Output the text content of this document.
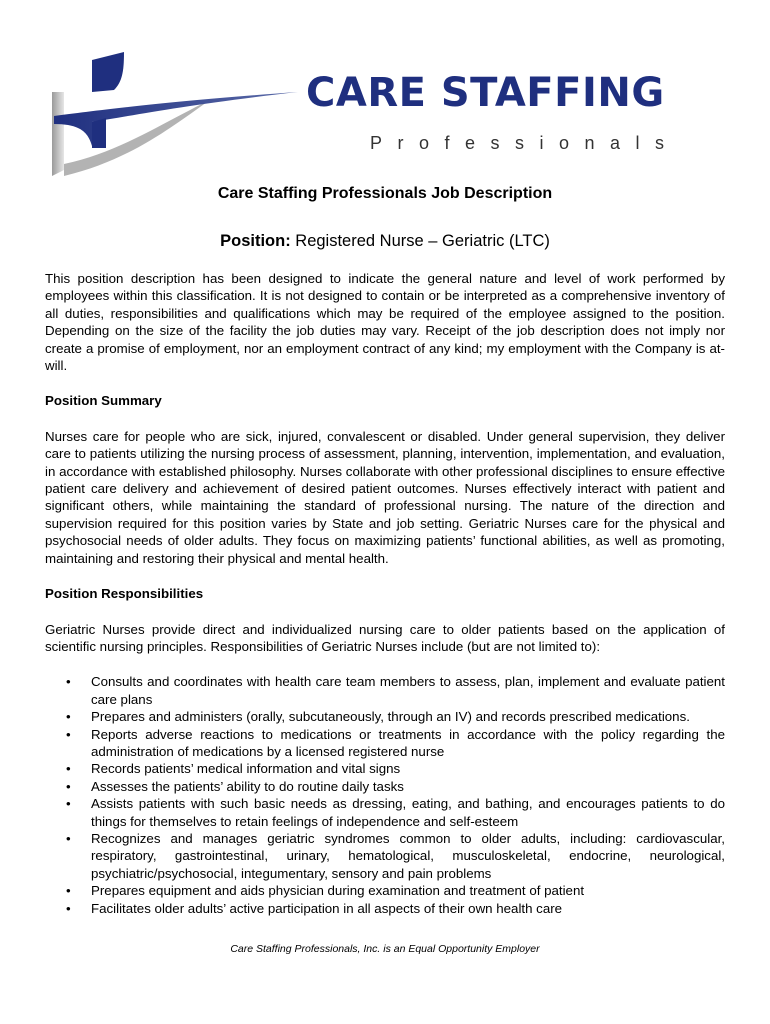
CARE STAFFING
Professionals
Care Staffing Professionals Job Description
Position: Registered Nurse – Geriatric (LTC)

This position description has been designed to indicate the general nature and level of work performed by employees within this classification. It is not designed to contain or be interpreted as a comprehensive inventory of all duties, responsibilities and qualifications which may be required of the employee assigned to the position. Depending on the size of the facility the job duties may vary. Receipt of the job description does not imply nor create a promise of employment, nor an employment contract of any kind; my employment with the Company is at-will.

Position Summary

Nurses care for people who are sick, injured, convalescent or disabled. Under general supervision, they deliver care to patients utilizing the nursing process of assessment, planning, intervention, implementation, and evaluation, in accordance with established philosophy. Nurses collaborate with other professional disciplines to ensure effective patient care delivery and achievement of desired patient outcomes. Nurses effectively interact with patient and significant others, while maintaining the standard of professional nursing. The nature of the direction and supervision required for this position varies by State and job setting. Geriatric Nurses care for the physical and psychosocial needs of older adults. They focus on maximizing patients’ functional abilities, as well as promoting, maintaining and restoring their physical and mental health.

Position Responsibilities

Geriatric Nurses provide direct and individualized nursing care to older patients based on the application of scientific nursing principles. Responsibilities of Geriatric Nurses include (but are not limited to):

• Consults and coordinates with health care team members to assess, plan, implement and evaluate patient care plans
• Prepares and administers (orally, subcutaneously, through an IV) and records prescribed medications.
• Reports adverse reactions to medications or treatments in accordance with the policy regarding the administration of medications by a licensed registered nurse
• Records patients’ medical information and vital signs
• Assesses the patients’ ability to do routine daily tasks
• Assists patients with such basic needs as dressing, eating, and bathing, and encourages patients to do things for themselves to retain feelings of independence and self-esteem
• Recognizes and manages geriatric syndromes common to older adults, including: cardiovascular, respiratory, gastrointestinal, urinary, hematological, musculoskeletal, endocrine, neurological, psychiatric/psychosocial, integumentary, sensory and pain problems
• Prepares equipment and aids physician during examination and treatment of patient
• Facilitates older adults’ active participation in all aspects of their own health care
Care Staffing Professionals, Inc. is an Equal Opportunity Employer
